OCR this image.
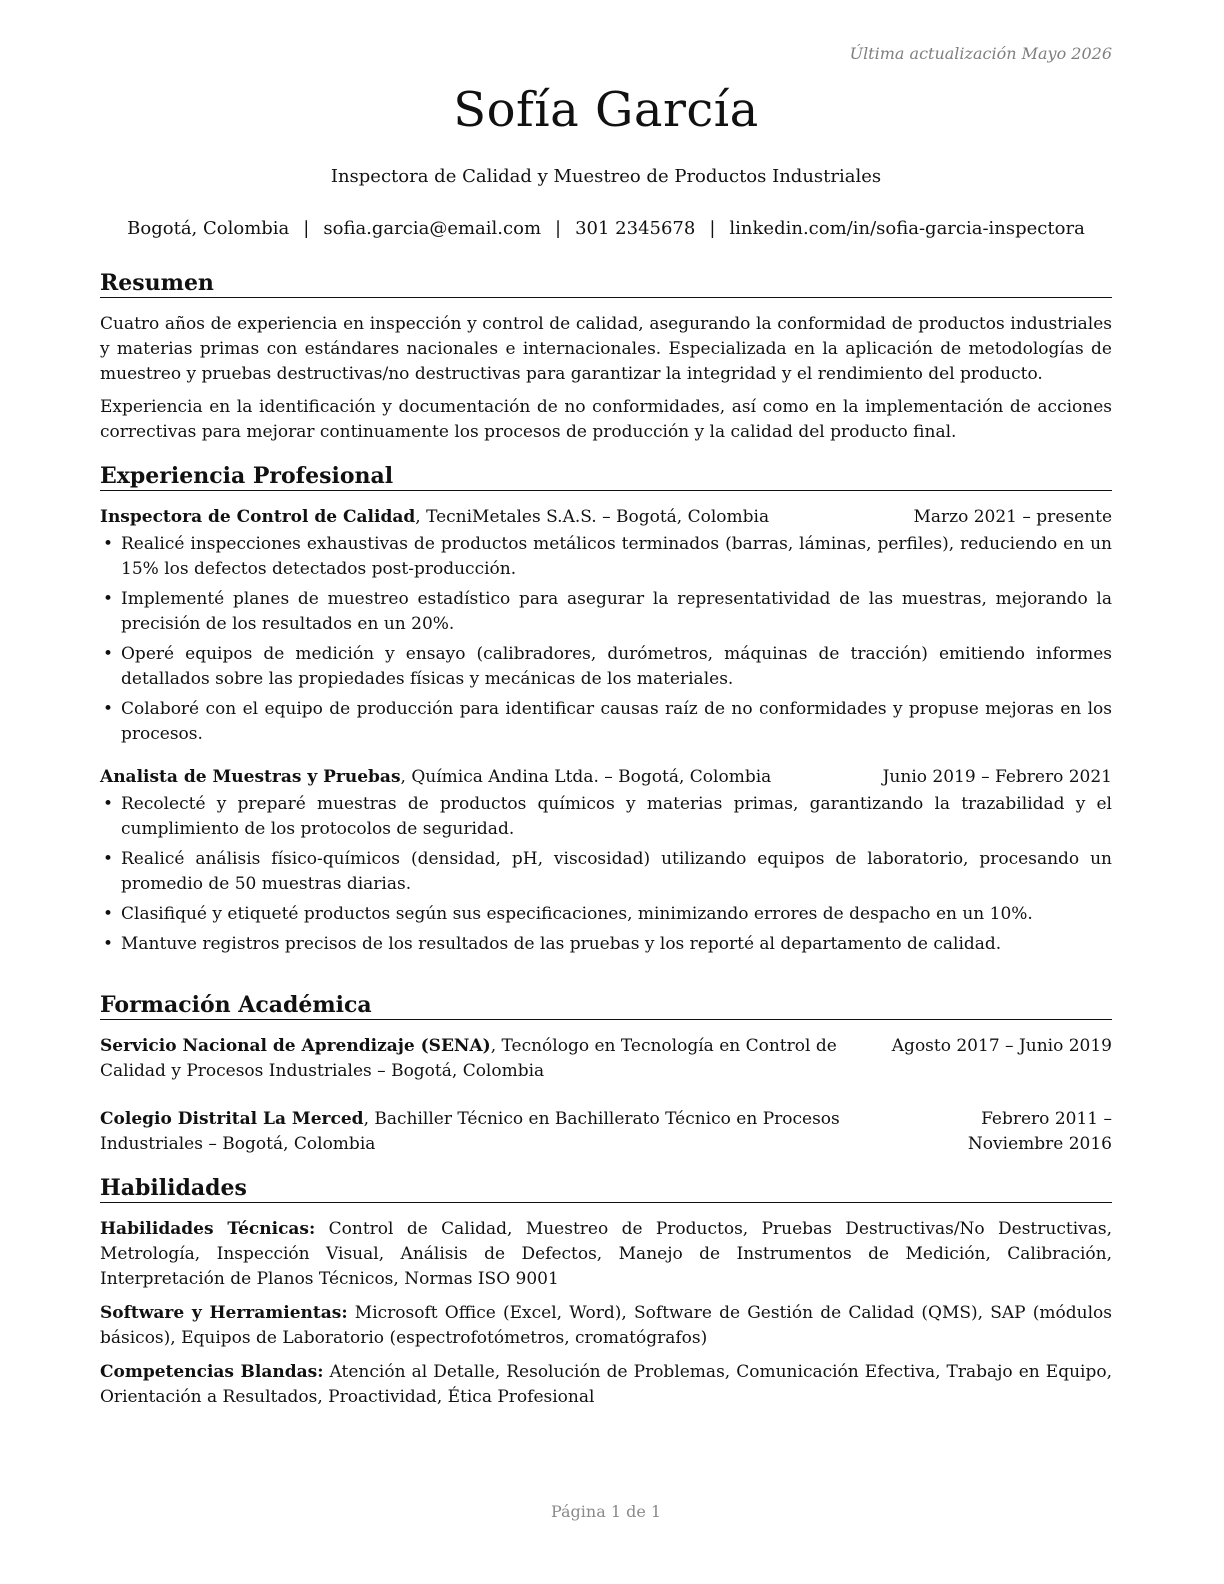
Última actualización Mayo 2026
Sofía García
Inspectora de Calidad y Muestreo de Productos Industriales
Bogotá, Colombia | sofia.garcia@email.com | 301 2345678 | linkedin.com/in/sofia-garcia-inspectora
Resumen

Cuatro años de experiencia en inspección y control de calidad, asegurando la conformidad de productos industriales y materias primas con estándares nacionales e internacionales. Especializada en la aplicación de metodologías de muestreo y pruebas destructivas/no destructivas para garantizar la integridad y el rendimiento del producto.

Experiencia en la identificación y documentación de no conformidades, así como en la implementación de acciones correctivas para mejorar continuamente los procesos de producción y la calidad del producto final.

Experiencia Profesional
Inspectora de Control de Calidad, TecniMetales S.A.S. – Bogotá, Colombia	Marzo 2021 – presente
• Realicé inspecciones exhaustivas de productos metálicos terminados (barras, láminas, perfiles), reduciendo en un 15% los defectos detectados post-producción.
• Implementé planes de muestreo estadístico para asegurar la representatividad de las muestras, mejorando la precisión de los resultados en un 20%.
• Operé equipos de medición y ensayo (calibradores, durómetros, máquinas de tracción) emitiendo informes detallados sobre las propiedades físicas y mecánicas de los materiales.
• Colaboré con el equipo de producción para identificar causas raíz de no conformidades y propuse mejoras en los procesos.
Analista de Muestras y Pruebas, Química Andina Ltda. – Bogotá, Colombia	Junio 2019 – Febrero 2021
• Recolecté y preparé muestras de productos químicos y materias primas, garantizando la trazabilidad y el cumplimiento de los protocolos de seguridad.
• Realicé análisis físico-químicos (densidad, pH, viscosidad) utilizando equipos de laboratorio, procesando un promedio de 50 muestras diarias.
• Clasifiqué y etiqueté productos según sus especificaciones, minimizando errores de despacho en un 10%.
• Mantuve registros precisos de los resultados de las pruebas y los reporté al departamento de calidad.
Formación Académica
Servicio Nacional de Aprendizaje (SENA), Tecnólogo en Tecnología en Control de Calidad y Procesos Industriales – Bogotá, Colombia
Agosto 2017 – Junio 2019
Colegio Distrital La Merced, Bachiller Técnico en Bachillerato Técnico en Procesos Industriales – Bogotá, Colombia
Febrero 2011 – Noviembre 2016
Habilidades

Habilidades Técnicas: Control de Calidad, Muestreo de Productos, Pruebas Destructivas/No Destructivas, Metrología, Inspección Visual, Análisis de Defectos, Manejo de Instrumentos de Medición, Calibración, Interpretación de Planos Técnicos, Normas ISO 9001

Software y Herramientas: Microsoft Office (Excel, Word), Software de Gestión de Calidad (QMS), SAP (módulos básicos), Equipos de Laboratorio (espectrofotómetros, cromatógrafos)

Competencias Blandas: Atención al Detalle, Resolución de Problemas, Comunicación Efectiva, Trabajo en Equipo, Orientación a Resultados, Proactividad, Ética Profesional

Página 1 de 1
